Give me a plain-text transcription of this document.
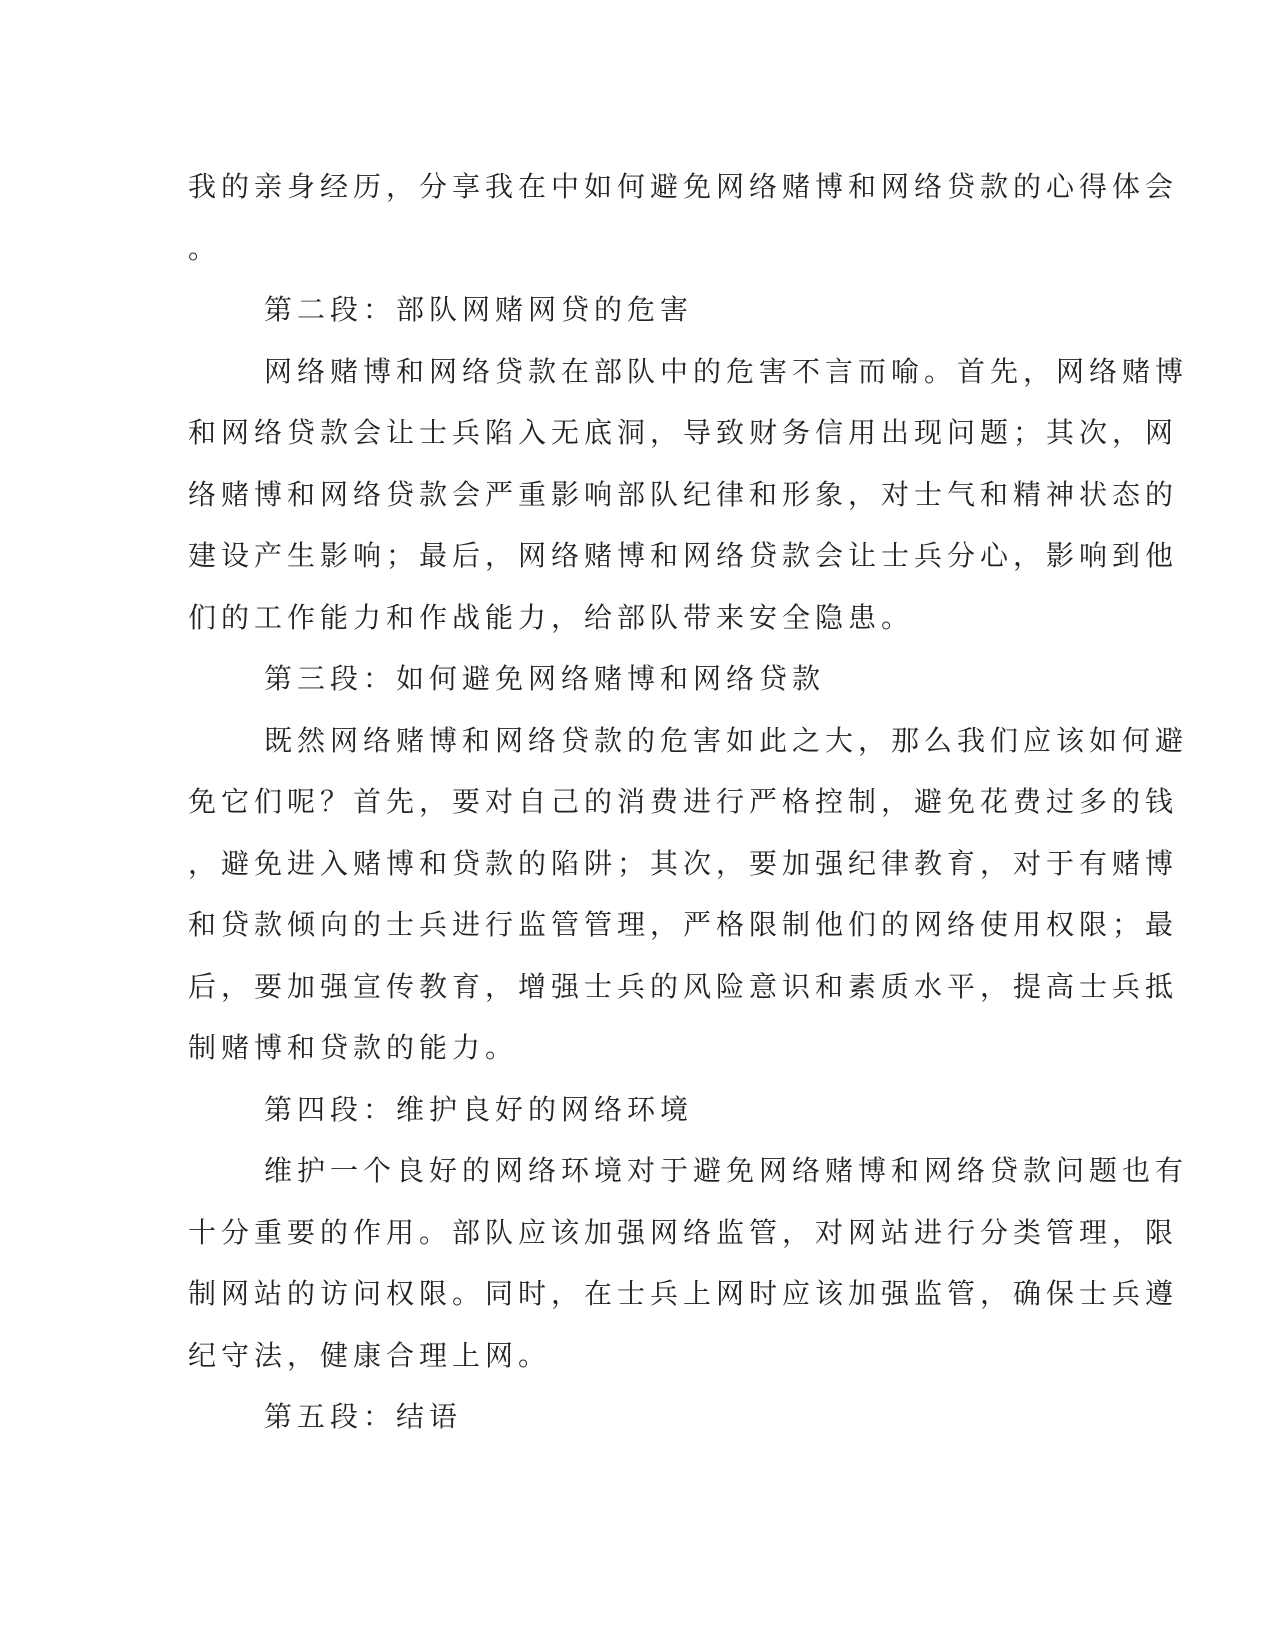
我的亲身经历，分享我在中如何避免网络赌博和网络贷款的心得体会

。

第二段：部队网赌网贷的危害

网络赌博和网络贷款在部队中的危害不言而喻。首先，网络赌博

和网络贷款会让士兵陷入无底洞，导致财务信用出现问题；其次，网

络赌博和网络贷款会严重影响部队纪律和形象，对士气和精神状态的

建设产生影响；最后，网络赌博和网络贷款会让士兵分心，影响到他

们的工作能力和作战能力，给部队带来安全隐患。

第三段：如何避免网络赌博和网络贷款

既然网络赌博和网络贷款的危害如此之大，那么我们应该如何避

免它们呢？首先，要对自己的消费进行严格控制，避免花费过多的钱

，避免进入赌博和贷款的陷阱；其次，要加强纪律教育，对于有赌博

和贷款倾向的士兵进行监管管理，严格限制他们的网络使用权限；最

后，要加强宣传教育，增强士兵的风险意识和素质水平，提高士兵抵

制赌博和贷款的能力。

第四段：维护良好的网络环境

维护一个良好的网络环境对于避免网络赌博和网络贷款问题也有

十分重要的作用。部队应该加强网络监管，对网站进行分类管理，限

制网站的访问权限。同时，在士兵上网时应该加强监管，确保士兵遵

纪守法，健康合理上网。

第五段：结语
